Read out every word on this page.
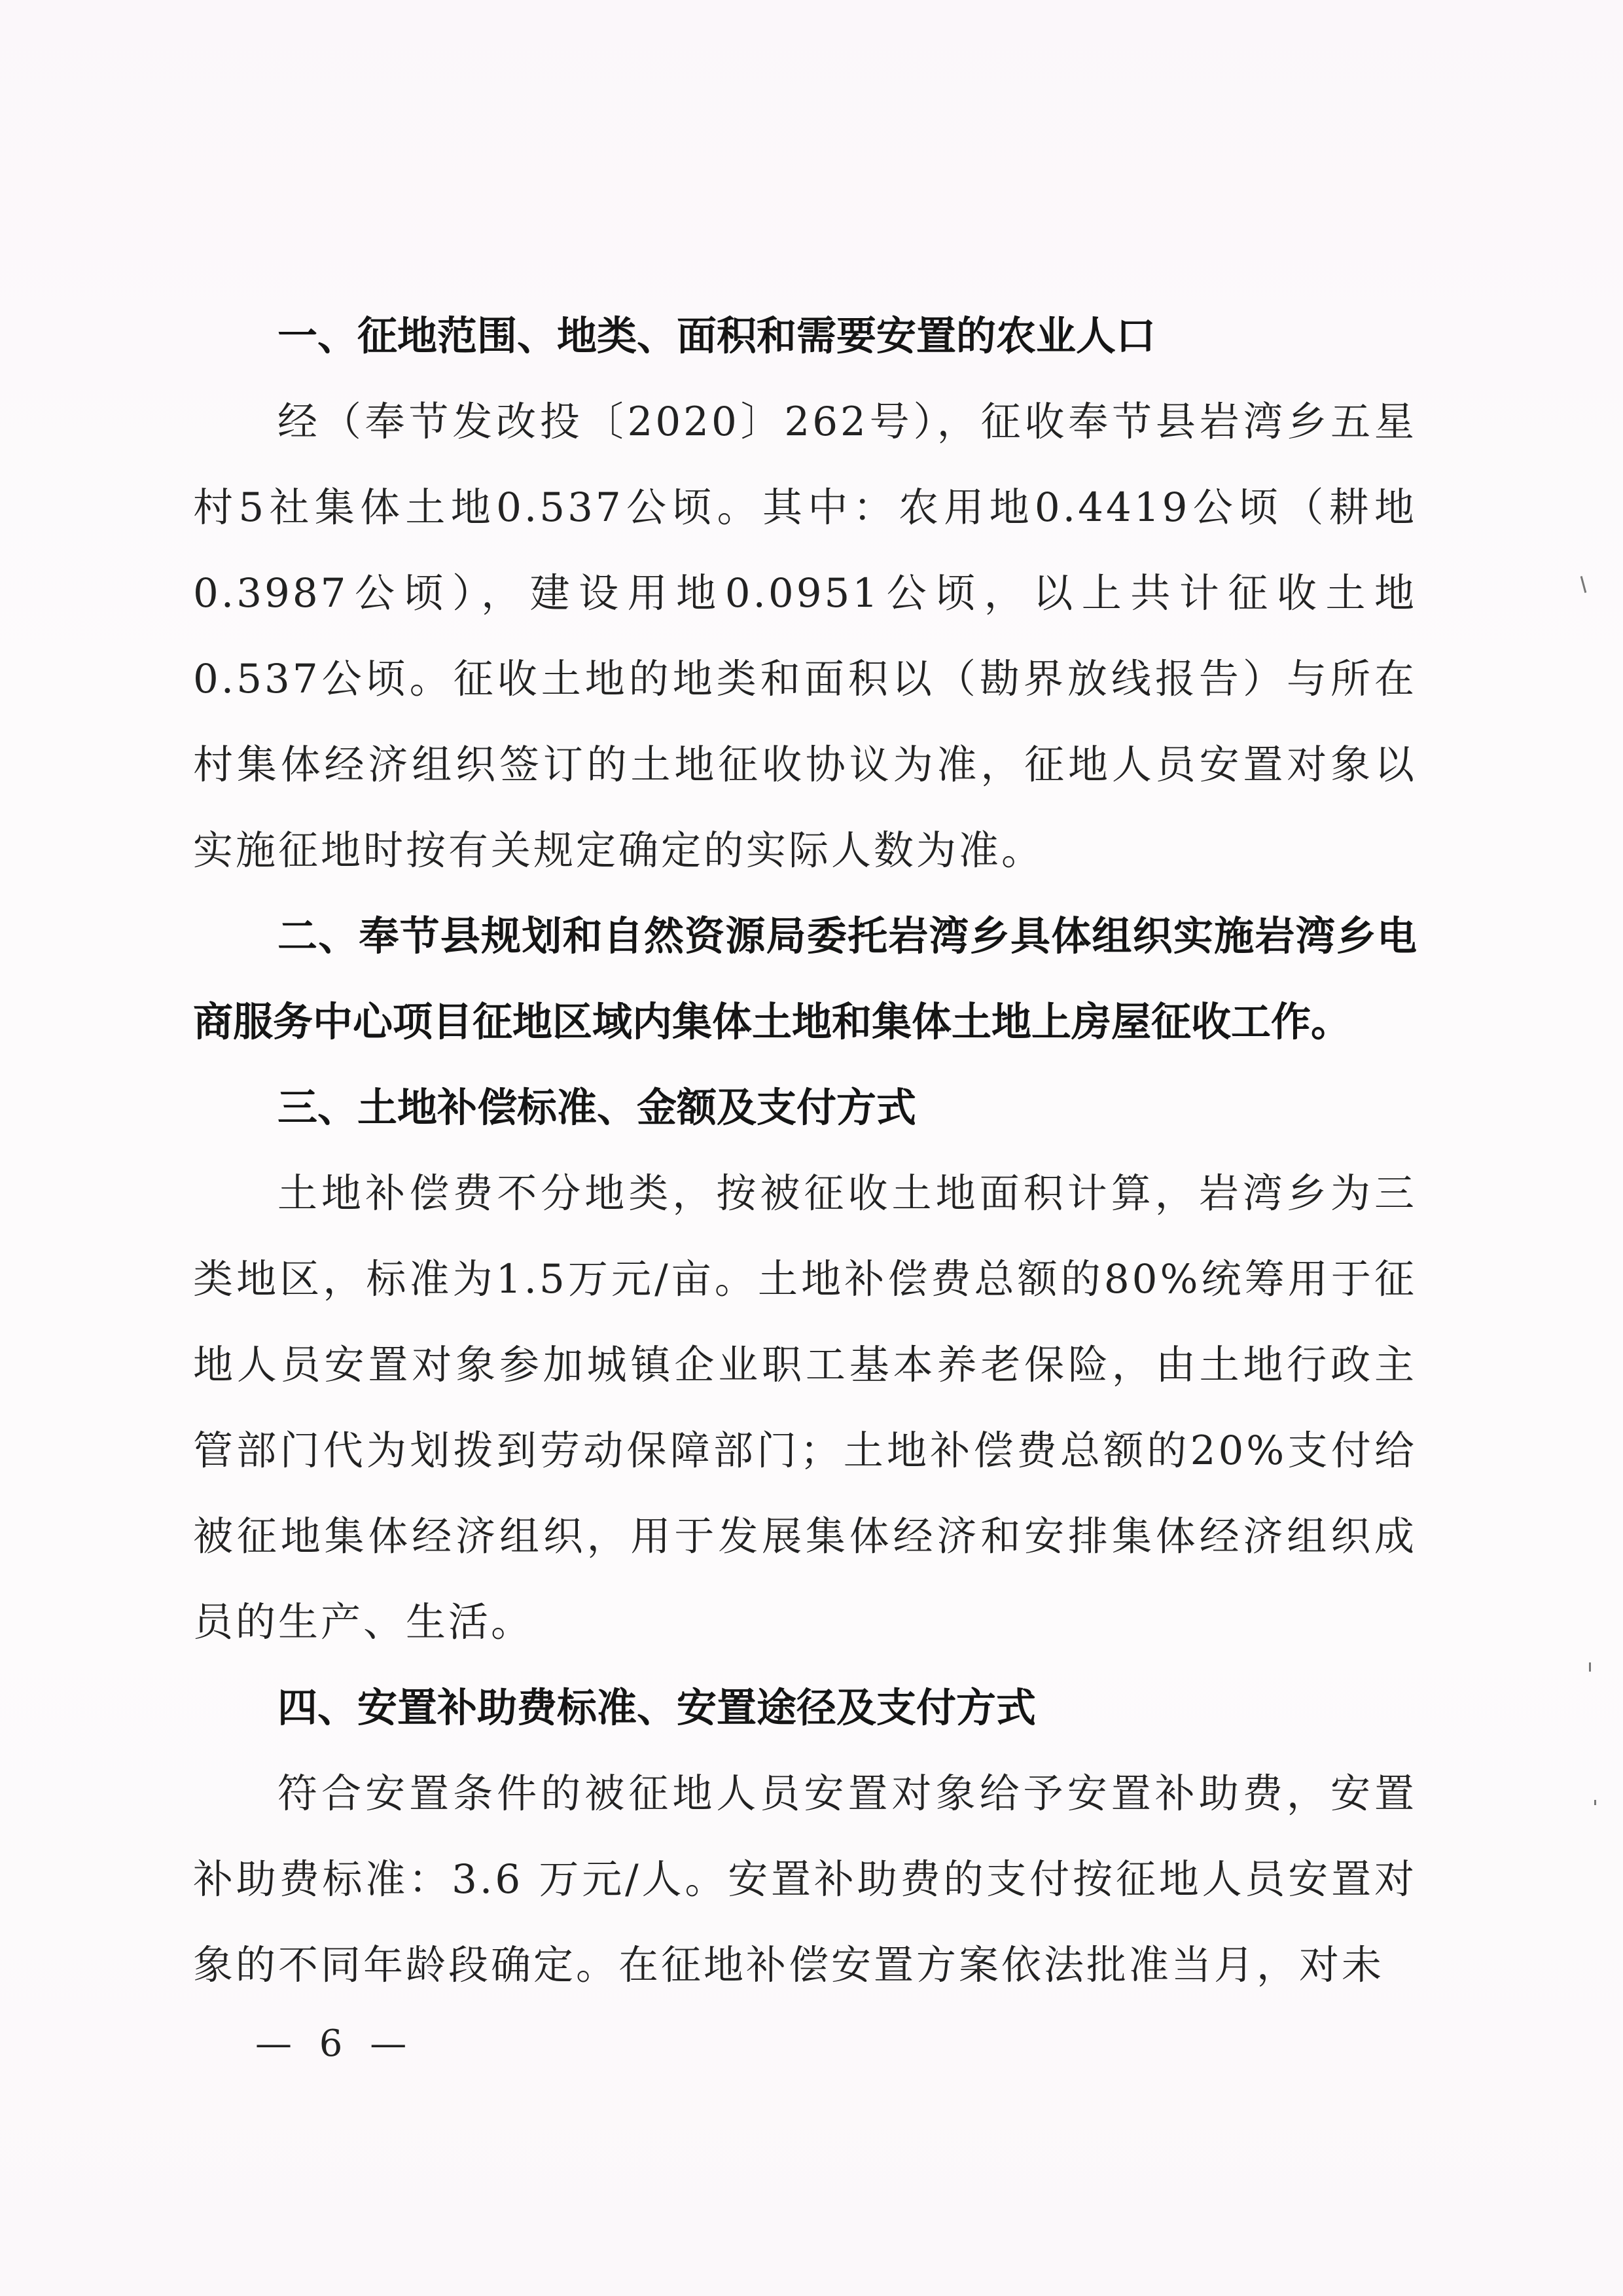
一、征地范围、地类、面积和需要安置的农业人口

经（奉节发改投〔2020〕262号），征收奉节县岩湾乡五星村5社集体土地0.537公顷。其中：农用地0.4419公顷（耕地0.3987公顷），建设用地0.0951公顷，以上共计征收土地0.537公顷。征收土地的地类和面积以（勘界放线报告）与所在村集体经济组织签订的土地征收协议为准，征地人员安置对象以实施征地时按有关规定确定的实际人数为准。

二、奉节县规划和自然资源局委托岩湾乡具体组织实施岩湾乡电商服务中心项目征地区域内集体土地和集体土地上房屋征收工作。

三、土地补偿标准、金额及支付方式

土地补偿费不分地类，按被征收土地面积计算，岩湾乡为三类地区，标准为1.5万元/亩。土地补偿费总额的80%统筹用于征地人员安置对象参加城镇企业职工基本养老保险，由土地行政主管部门代为划拨到劳动保障部门；土地补偿费总额的20%支付给被征地集体经济组织，用于发展集体经济和安排集体经济组织成员的生产、生活。

四、安置补助费标准、安置途径及支付方式

符合安置条件的被征地人员安置对象给予安置补助费，安置补助费标准：3.6 万元/人。安置补助费的支付按征地人员安置对象的不同年龄段确定。在征地补偿安置方案依法批准当月，对未

— 6 —
